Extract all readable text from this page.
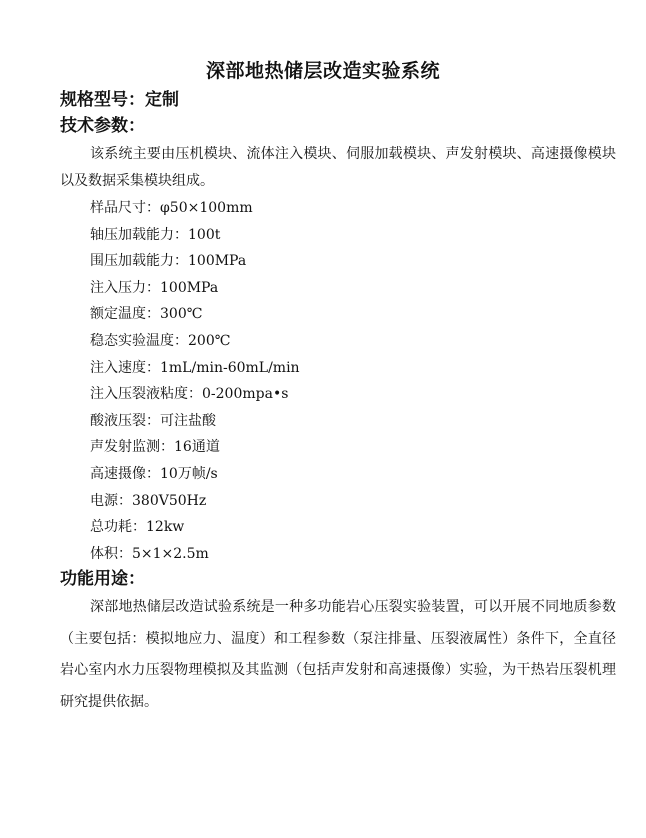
深部地热储层改造实验系统
规格型号：定制
技术参数：
该系统主要由压机模块、流体注入模块、伺服加载模块、声发射模块、高速摄像模块以及数据采集模块组成。
样品尺寸：φ50×100mm
轴压加载能力：100t
围压加载能力：100MPa
注入压力：100MPa
额定温度：300℃
稳态实验温度：200℃
注入速度：1mL/min-60mL/min
注入压裂液粘度：0-200mpa•s
酸液压裂：可注盐酸
声发射监测：16通道
高速摄像：10万帧/s
电源：380V50Hz
总功耗：12kw
体积：5×1×2.5m
功能用途：
深部地热储层改造试验系统是一种多功能岩心压裂实验装置，可以开展不同地质参数（主要包括：模拟地应力、温度）和工程参数（泵注排量、压裂液属性）条件下，全直径岩心室内水力压裂物理模拟及其监测（包括声发射和高速摄像）实验，为干热岩压裂机理研究提供依据。
